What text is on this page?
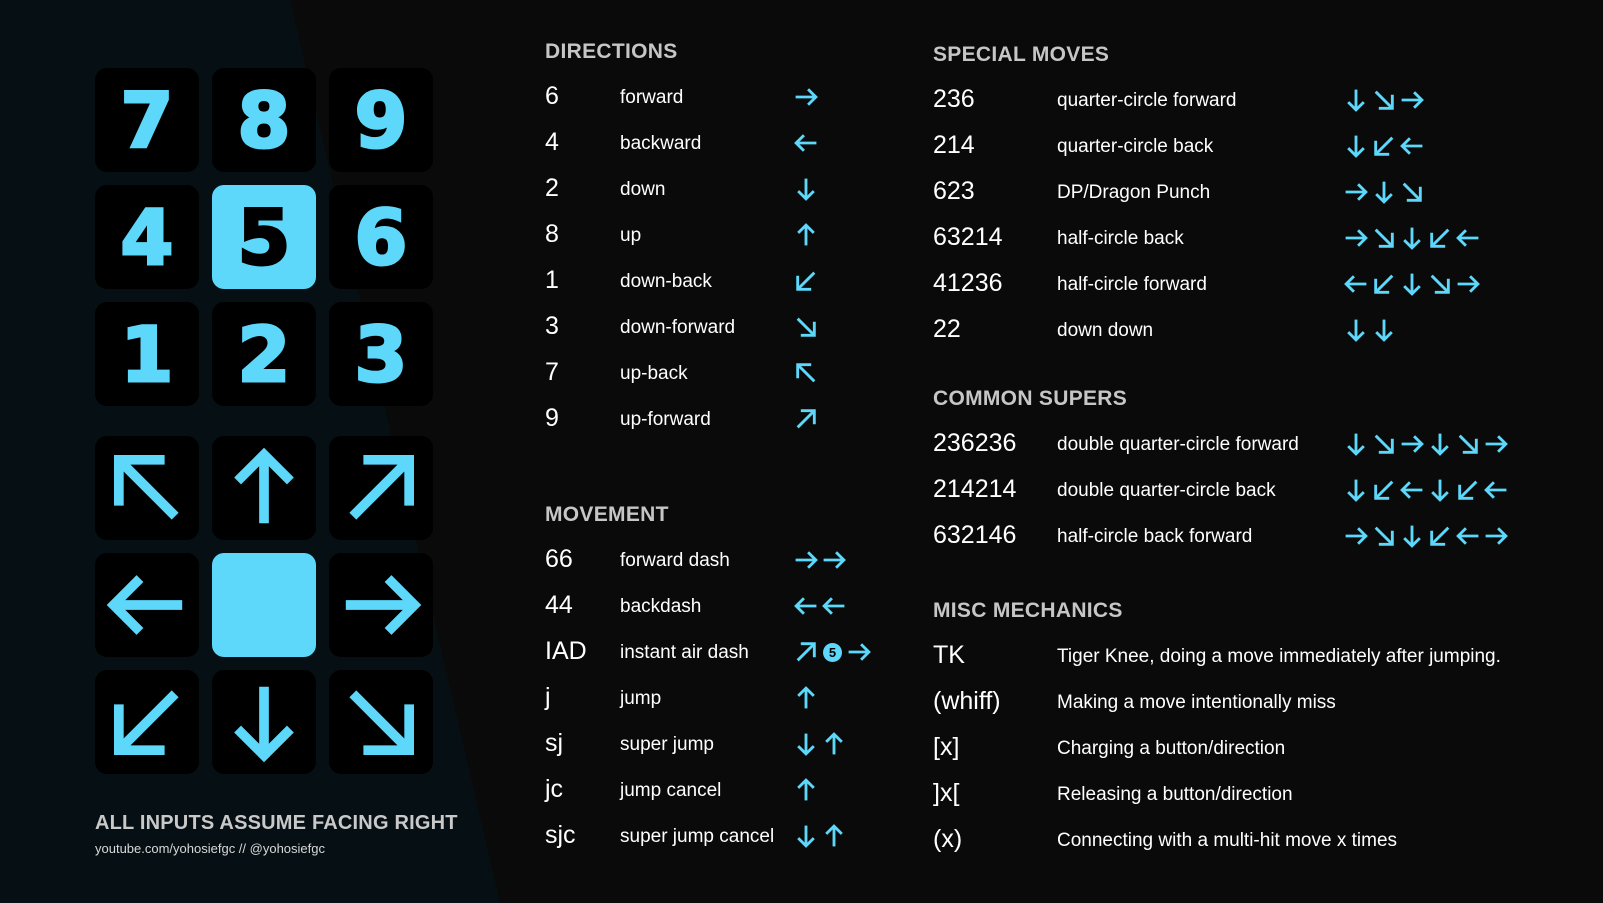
7 8 9
4 5 6
1 2 3
ALL INPUTS ASSUME FACING RIGHT
youtube.com/yohosiefgc // @yohosiefgc
DIRECTIONS
6	forward
4	backward
2	down
8	up
1	down-back
3	down-forward
7	up-back
9	up-forward
MOVEMENT
66 forward dash
44 backdash
IAD instant air dash	5
j	jump
sj	super jump
jc	jump cancel
sjc super jump cancel
SPECIAL MOVES
236	quarter-circle forward
214	quarter-circle back
623	DP/Dragon Punch
63214	half-circle back
41236	half-circle forward
22	down down
COMMON SUPERS
236236 double quarter-circle forward
214214 double quarter-circle back
632146 half-circle back forward
MISC MECHANICS
TK	Tiger Knee, doing a move immediately after jumping.
(whiff)	Making a move intentionally miss
[x]	Charging a button/direction
]x[	Releasing a button/direction
(x)	Connecting with a multi-hit move x times
